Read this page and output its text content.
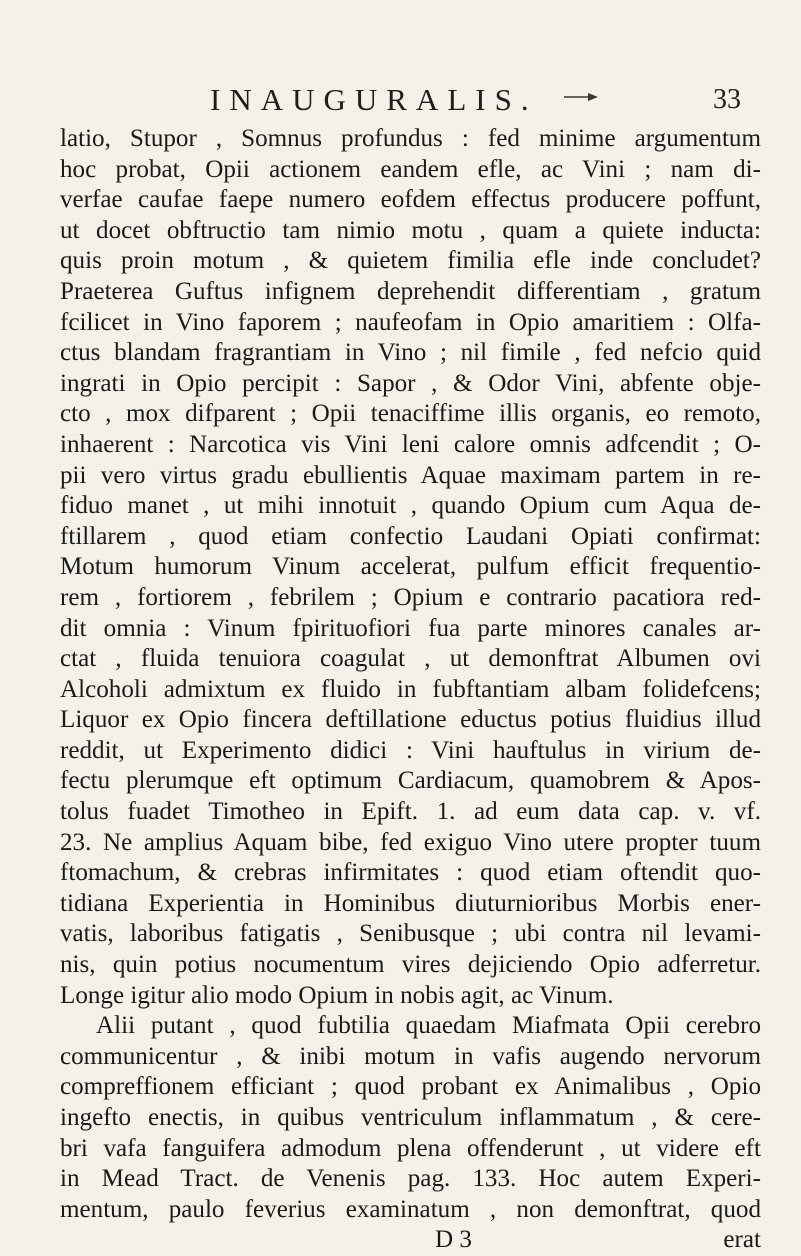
INAUGURALIS.	33
latio, Stupor , Somnus profundus : fed minime argumentum
hoc probat, Opii actionem eandem efle, ac Vini ; nam di-
verfae caufae faepe numero eofdem effectus producere poffunt,
ut docet obftructio tam nimio motu , quam a quiete inducta:
quis proin motum , & quietem fimilia efle inde concludet?
Praeterea Guftus infignem deprehendit differentiam , gratum
fcilicet in Vino faporem ; naufeofam in Opio amaritiem : Olfa-
ctus blandam fragrantiam in Vino ; nil fimile , fed nefcio quid
ingrati in Opio percipit : Sapor , & Odor Vini, abfente obje-
cto , mox difparent ; Opii tenaciffime illis organis, eo remoto,
inhaerent : Narcotica vis Vini leni calore omnis adfcendit ; O-
pii vero virtus gradu ebullientis Aquae maximam partem in re-
fiduo manet , ut mihi innotuit , quando Opium cum Aqua de-
ftillarem , quod etiam confectio Laudani Opiati confirmat:
Motum humorum Vinum accelerat, pulfum efficit frequentio-
rem , fortiorem , febrilem ; Opium e contrario pacatiora red-
dit omnia : Vinum fpirituofiori fua parte minores canales ar-
ctat , fluida tenuiora coagulat , ut demonftrat Albumen ovi
Alcoholi admixtum ex fluido in fubftantiam albam folidefcens;
Liquor ex Opio fincera deftillatione eductus potius fluidius illud
reddit, ut Experimento didici : Vini hauftulus in virium de-
fectu plerumque eft optimum Cardiacum, quamobrem & Apos-
tolus fuadet Timotheo in Epift. 1. ad eum data cap. v. vf.
23. Ne amplius Aquam bibe, fed exiguo Vino utere propter tuum
ftomachum, & crebras infirmitates : quod etiam oftendit quo-
tidiana Experientia in Hominibus diuturnioribus Morbis ener-
vatis, laboribus fatigatis , Senibusque ; ubi contra nil levami-
nis, quin potius nocumentum vires dejiciendo Opio adferretur.
Longe igitur alio modo Opium in nobis agit, ac Vinum.
Alii putant , quod fubtilia quaedam Miafmata Opii cerebro
communicentur , & inibi motum in vafis augendo nervorum
compreffionem efficiant ; quod probant ex Animalibus , Opio
ingefto enectis, in quibus ventriculum inflammatum , & cere-
bri vafa fanguifera admodum plena offenderunt , ut videre eft
in Mead Tract. de Venenis pag. 133. Hoc autem Experi-
mentum, paulo feverius examinatum , non demonftrat, quod
D 3	erat
